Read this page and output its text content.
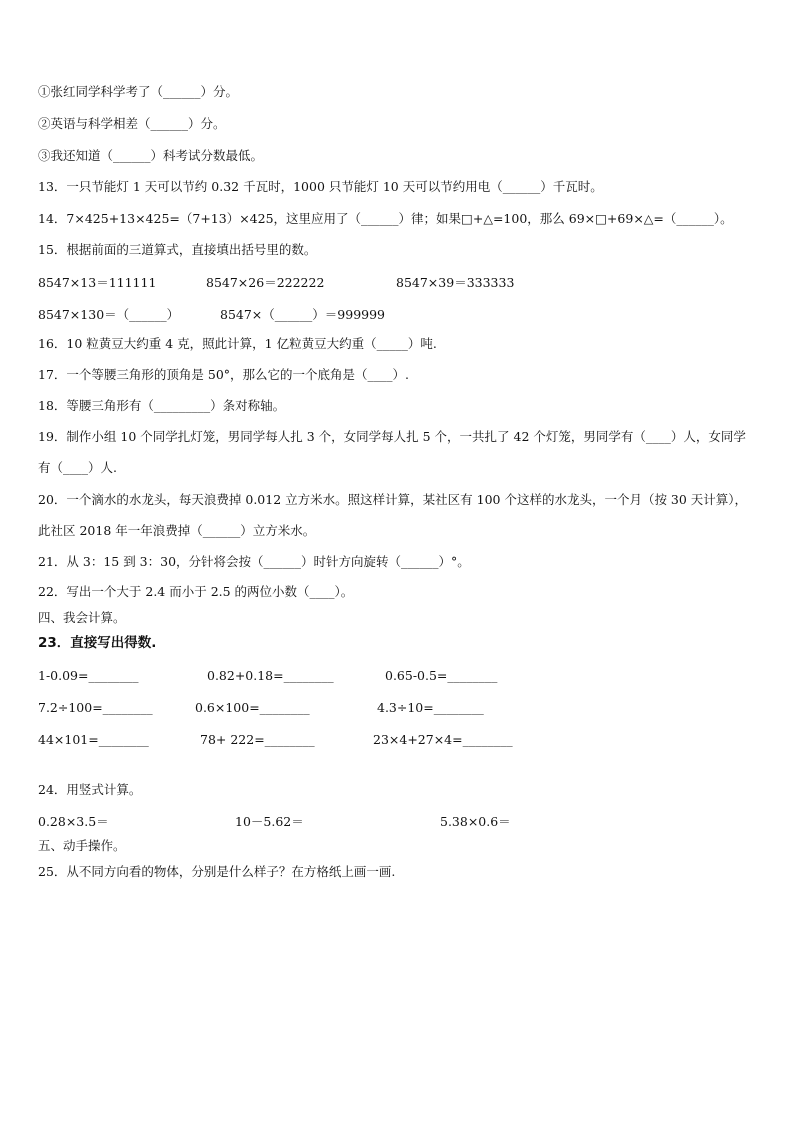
①张红同学科学考了（______）分。
②英语与科学相差（______）分。
③我还知道（______）科考试分数最低。
13．一只节能灯 1 天可以节约 0.32 千瓦时，1000 只节能灯 10 天可以节约用电（______）千瓦时。
14．7×425+13×425=（7+13）×425，这里应用了（______）律；如果□+△=100，那么 69×□+69×△=（______）。
15．根据前面的三道算式，直接填出括号里的数。
8547×13＝111111	8547×26＝222222	8547×39＝333333
8547×130＝（______）	8547×（______）＝999999
16．10 粒黄豆大约重 4 克，照此计算，1 亿粒黄豆大约重（_____）吨.
17．一个等腰三角形的顶角是 50°，那么它的一个底角是（____）.
18．等腰三角形有（_________）条对称轴。
19．制作小组 10 个同学扎灯笼，男同学每人扎 3 个，女同学每人扎 5 个，一共扎了 42 个灯笼，男同学有（____）人，女同学有（____）人.
20．一个滴水的水龙头，每天浪费掉 0.012 立方米水。照这样计算，某社区有 100 个这样的水龙头，一个月（按 30 天计算），此社区 2018 年一年浪费掉（______）立方米水。
21．从 3：15 到 3：30，分针将会按（______）时针方向旋转（______）°。
22．写出一个大于 2.4 而小于 2.5 的两位小数（____）。
四、我会计算。
23．直接写出得数.
1-0.09=________	0.82+0.18=________	0.65-0.5=________
7.2÷100=________	0.6×100=________	4.3÷10=________
44×101=________	78+ 222=________	23×4+27×4=________
24．用竖式计算。
0.28×3.5＝	10－5.62＝	5.38×0.6＝
五、动手操作。
25．从不同方向看的物体，分别是什么样子？在方格纸上画一画.
